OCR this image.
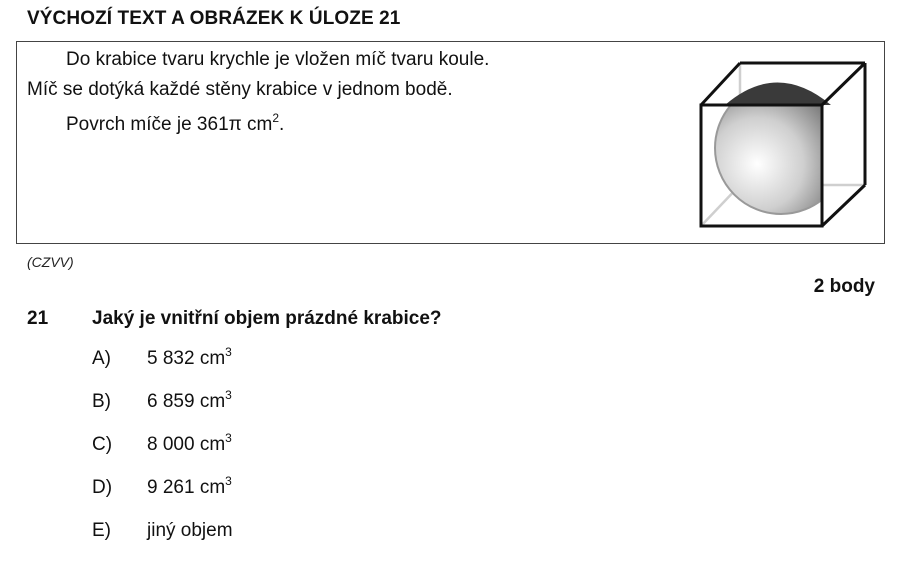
VÝCHOZÍ TEXT A OBRÁZEK K ÚLOZE 21
Do krabice tvaru krychle je vložen míč tvaru koule.
Míč se dotýká každé stěny krabice v jednom bodě.
Povrch míče je 361π $cm^2$.
(CZVV)
2 body
21 Jaký je vnitřní objem prázdné krabice?
A) 5 832 $cm^3$
B) 6 859 $cm^3$
C) 8 000 $cm^3$
D) 9 261 $cm^3$
E) jiný objem
